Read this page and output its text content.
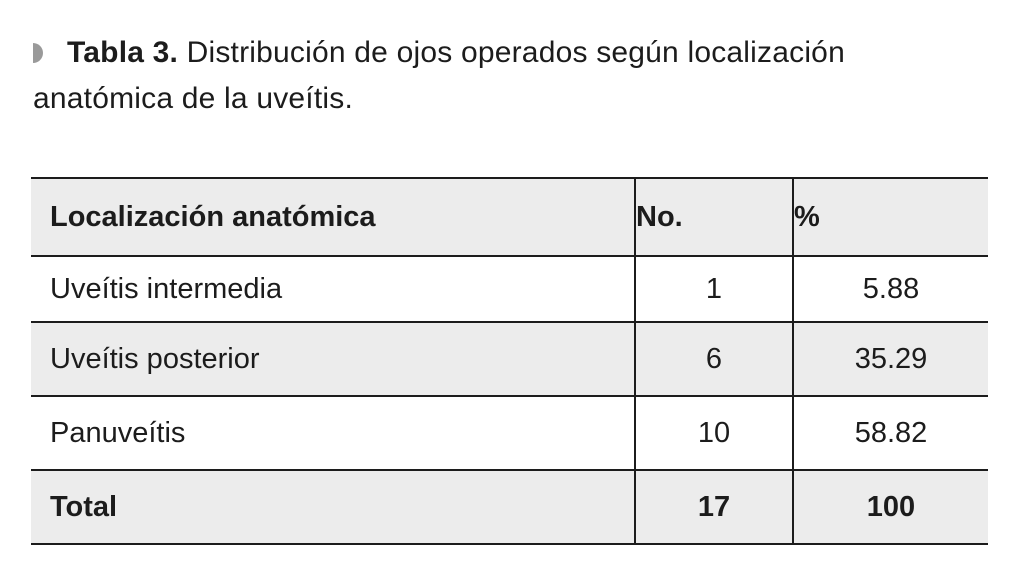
Tabla 3. Distribución de ojos operados según localización anatómica de la uveítis.
Localización anatómica	No.	%
Uveítis intermedia	1	5.88
Uveítis posterior	6	35.29
Panuveítis	10	58.82
Total	17	100
